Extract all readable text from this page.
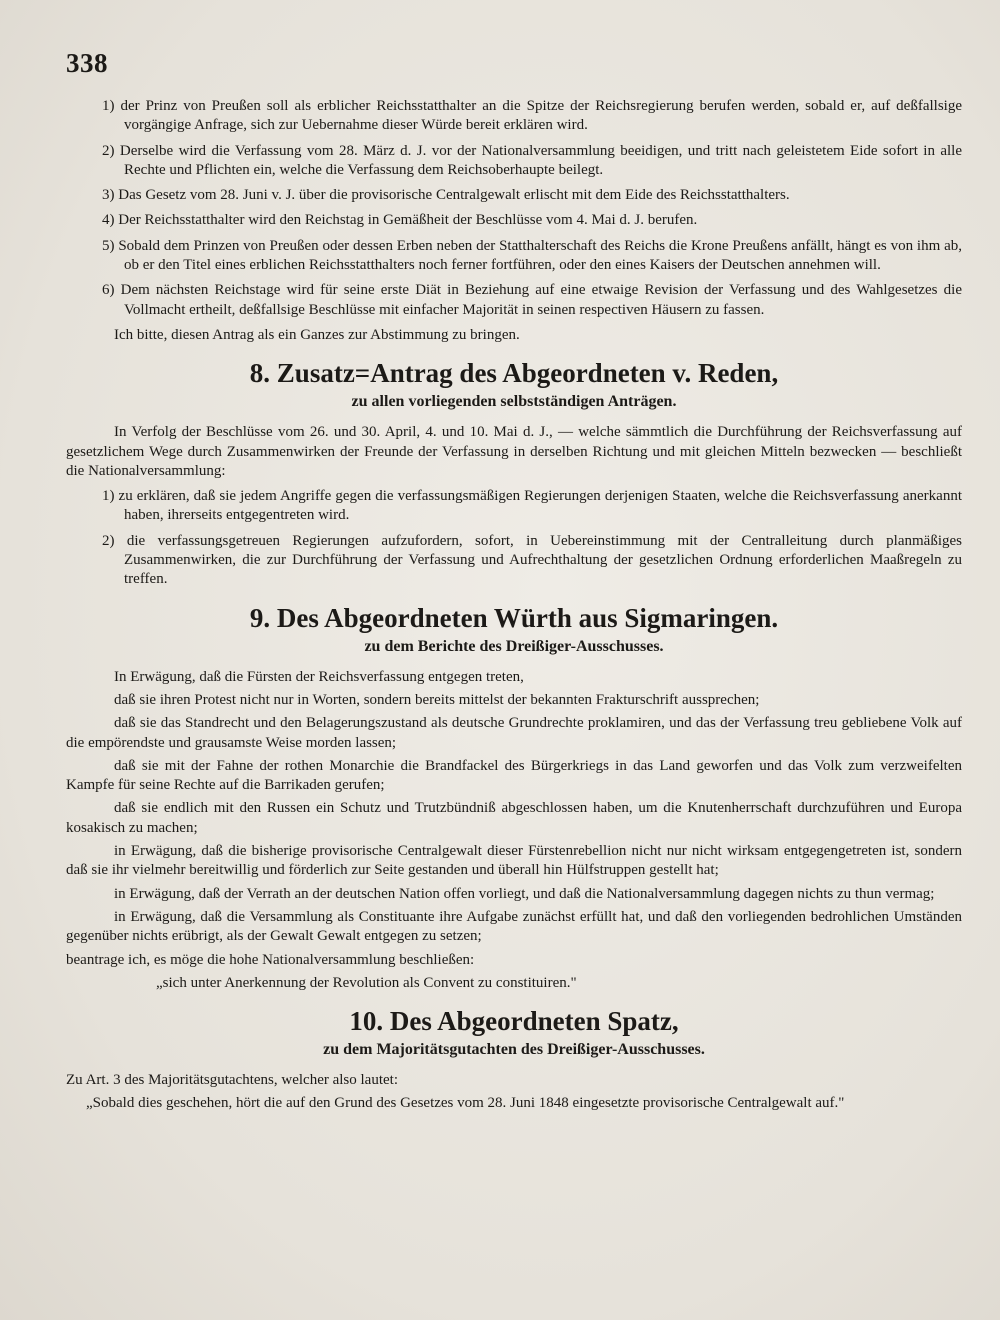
338

1) der Prinz von Preußen soll als erblicher Reichsstatthalter an die Spitze der Reichsregierung berufen werden, sobald er, auf deßfallsige vorgängige Anfrage, sich zur Uebernahme dieser Würde bereit erklären wird.

2) Derselbe wird die Verfassung vom 28. März d. J. vor der Nationalversammlung beeidigen, und tritt nach geleistetem Eide sofort in alle Rechte und Pflichten ein, welche die Verfassung dem Reichsoberhaupte beilegt.

3) Das Gesetz vom 28. Juni v. J. über die provisorische Centralgewalt erlischt mit dem Eide des Reichsstatthalters.

4) Der Reichsstatthalter wird den Reichstag in Gemäßheit der Beschlüsse vom 4. Mai d. J. berufen.

5) Sobald dem Prinzen von Preußen oder dessen Erben neben der Statthalterschaft des Reichs die Krone Preußens anfällt, hängt es von ihm ab, ob er den Titel eines erblichen Reichsstatthalters noch ferner fortführen, oder den eines Kaisers der Deutschen annehmen will.

6) Dem nächsten Reichstage wird für seine erste Diät in Beziehung auf eine etwaige Revision der Verfassung und des Wahlgesetzes die Vollmacht ertheilt, deßfallsige Beschlüsse mit einfacher Majorität in seinen respectiven Häusern zu fassen.

Ich bitte, diesen Antrag als ein Ganzes zur Abstimmung zu bringen.

8. Zusatz=Antrag des Abgeordneten v. Reden,
zu allen vorliegenden selbstständigen Anträgen.

In Verfolg der Beschlüsse vom 26. und 30. April, 4. und 10. Mai d. J., — welche sämmtlich die Durchführung der Reichsverfassung auf gesetzlichem Wege durch Zusammenwirken der Freunde der Verfassung in derselben Richtung und mit gleichen Mitteln bezwecken — beschließt die Nationalversammlung:

1) zu erklären, daß sie jedem Angriffe gegen die verfassungsmäßigen Regierungen derjenigen Staaten, welche die Reichsverfassung anerkannt haben, ihrerseits entgegentreten wird.

2) die verfassungsgetreuen Regierungen aufzufordern, sofort, in Uebereinstimmung mit der Centralleitung durch planmäßiges Zusammenwirken, die zur Durchführung der Verfassung und Aufrechthaltung der gesetzlichen Ordnung erforderlichen Maaßregeln zu treffen.

9. Des Abgeordneten Würth aus Sigmaringen.
zu dem Berichte des Dreißiger-Ausschusses.

In Erwägung, daß die Fürsten der Reichsverfassung entgegen treten,

daß sie ihren Protest nicht nur in Worten, sondern bereits mittelst der bekannten Frakturschrift aussprechen;

daß sie das Standrecht und den Belagerungszustand als deutsche Grundrechte proklamiren, und das der Verfassung treu gebliebene Volk auf die empörendste und grausamste Weise morden lassen;

daß sie mit der Fahne der rothen Monarchie die Brandfackel des Bürgerkriegs in das Land geworfen und das Volk zum verzweifelten Kampfe für seine Rechte auf die Barrikaden gerufen;

daß sie endlich mit den Russen ein Schutz und Trutzbündniß abgeschlossen haben, um die Knutenherrschaft durchzuführen und Europa kosakisch zu machen;

in Erwägung, daß die bisherige provisorische Centralgewalt dieser Fürstenrebellion nicht nur nicht wirksam entgegengetreten ist, sondern daß sie ihr vielmehr bereitwillig und förderlich zur Seite gestanden und überall hin Hülfstruppen gestellt hat;

in Erwägung, daß der Verrath an der deutschen Nation offen vorliegt, und daß die Nationalversammlung dagegen nichts zu thun vermag;

in Erwägung, daß die Versammlung als Constituante ihre Aufgabe zunächst erfüllt hat, und daß den vorliegenden bedrohlichen Umständen gegenüber nichts erübrigt, als der Gewalt Gewalt entgegen zu setzen;

beantrage ich, es möge die hohe Nationalversammlung beschließen:

„sich unter Anerkennung der Revolution als Convent zu constituiren."

10. Des Abgeordneten Spatz,
zu dem Majoritätsgutachten des Dreißiger-Ausschusses.

Zu Art. 3 des Majoritätsgutachtens, welcher also lautet:

„Sobald dies geschehen, hört die auf den Grund des Gesetzes vom 28. Juni 1848 eingesetzte provisorische Centralgewalt auf."
